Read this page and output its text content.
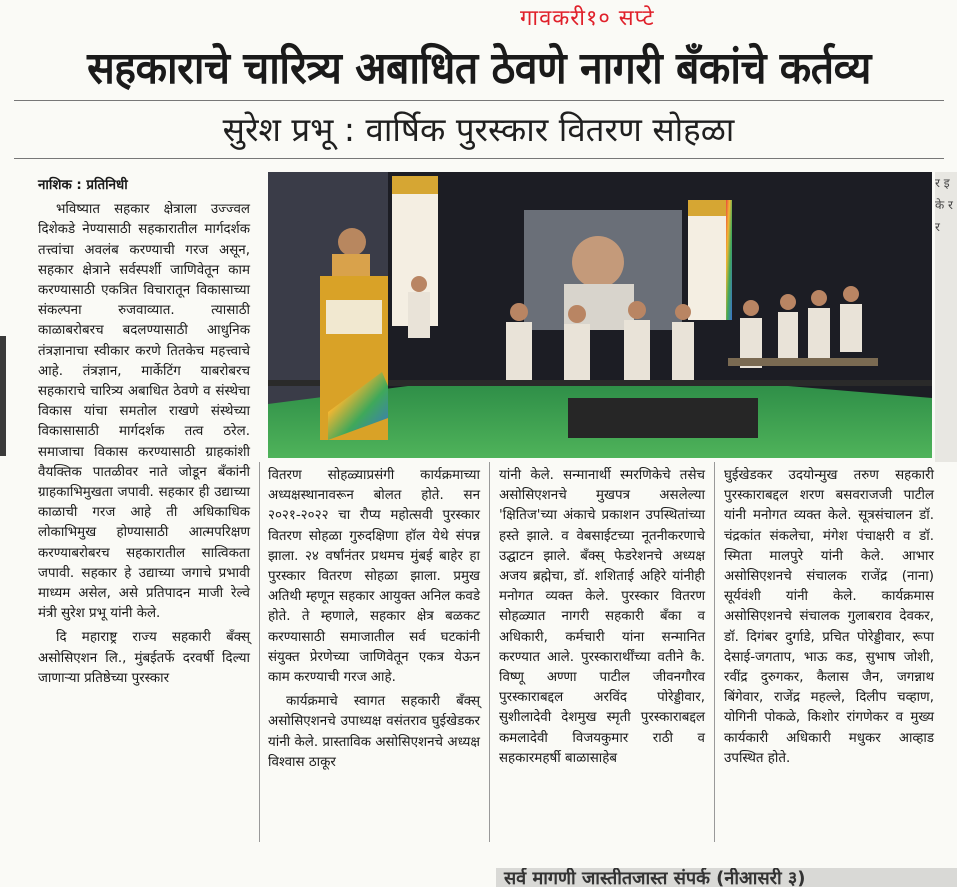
गावकरी१० सप्टे
सहकाराचे चारित्र्य अबाधित ठेवणे नागरी बँकांचे कर्तव्य
सुरेश प्रभू : वार्षिक पुरस्कार वितरण सोहळा
नाशिक : प्रतिनिधी

भविष्यात सहकार क्षेत्राला उज्ज्वल दिशेकडे नेण्यासाठी सहकारातील मार्गदर्शक तत्त्वांचा अवलंब करण्याची गरज असून, सहकार क्षेत्राने सर्वस्पर्शी जाणिवेतून काम करण्यासाठी एकत्रित विचारातून विकासाच्या संकल्पना रुजवाव्यात. त्यासाठी काळाबरोबरच बदलण्यासाठी आधुनिक तंत्रज्ञानाचा स्वीकार करणे तितकेच महत्त्वाचे आहे. तंत्रज्ञान, मार्केटिंग याबरोबरच सहकाराचे चारित्र्य अबाधित ठेवणे व संस्थेचा विकास यांचा समतोल राखणे संस्थेच्या विकासासाठी मार्गदर्शक तत्व ठरेल. समाजाचा विकास करण्यासाठी ग्राहकांशी वैयक्तिक पातळीवर नाते जोडून बँकांनी ग्राहकाभिमुखता जपावी. सहकार ही उद्याच्या काळाची गरज आहे ती अधिकाधिक लोकाभिमुख होण्यासाठी आत्मपरिक्षण करण्याबरोबरच सहकारातील सात्विकता जपावी. सहकार हे उद्याच्या जगाचे प्रभावी माध्यम असेल, असे प्रतिपादन माजी रेल्वे मंत्री सुरेश प्रभू यांनी केले.

दि महाराष्ट्र राज्य सहकारी बँक्स् असोसिएशन लि., मुंबईतर्फे दरवर्षी दिल्या जाणाऱ्या प्रतिष्ठेच्या पुरस्कार

र इ के र र

वितरण सोहळ्याप्रसंगी कार्यक्रमाच्या अध्यक्षस्थानावरून बोलत होते. सन २०२१-२०२२ चा रौप्य महोत्सवी पुरस्कार वितरण सोहळा गुरुदक्षिणा हॉल येथे संपन्न झाला. २४ वर्षांनंतर प्रथमच मुंबई बाहेर हा पुरस्कार वितरण सोहळा झाला. प्रमुख अतिथी म्हणून सहकार आयुक्त अनिल कवडे होते. ते म्हणाले, सहकार क्षेत्र बळकट करण्यासाठी समाजातील सर्व घटकांनी संयुक्त प्रेरणेच्या जाणिवेतून एकत्र येऊन काम करण्याची गरज आहे.

कार्यक्रमाचे स्वागत सहकारी बँक्स् असोसिएशनचे उपाध्यक्ष वसंतराव घुईखेडकर यांनी केले. प्रास्ताविक असोसिएशनचे अध्यक्ष विश्वास ठाकूर

यांनी केले. सन्मानार्थी स्मरणिकेचे तसेच असोसिएशनचे मुखपत्र असलेल्या 'क्षितिज'च्या अंकाचे प्रकाशन उपस्थितांच्या हस्ते झाले. व वेबसाईटच्या नूतनीकरणाचे उद्घाटन झाले. बँक्स् फेडरेशनचे अध्यक्ष अजय ब्रह्मेचा, डॉ. शशिताई अहिरे यांनीही मनोगत व्यक्त केले. पुरस्कार वितरण सोहळ्यात नागरी सहकारी बँका व अधिकारी, कर्मचारी यांना सन्मानित करण्यात आले. पुरस्कारार्थींच्या वतीने कै. विष्णू अण्णा पाटील जीवनगौरव पुरस्काराबद्दल अरविंद पोरेड्डीवार, सुशीलादेवी देशमुख स्मृती पुरस्काराबद्दल कमलादेवी विजयकुमार राठी व सहकारमहर्षी बाळासाहेब

घुईखेडकर उदयोन्मुख तरुण सहकारी पुरस्काराबद्दल शरण बसवराजजी पाटील यांनी मनोगत व्यक्त केले. सूत्रसंचालन डॉ. चंद्रकांत संकलेचा, मंगेश पंचाक्षरी व डॉ. स्मिता मालपुरे यांनी केले. आभार असोसिएशनचे संचालक राजेंद्र (नाना) सूर्यवंशी यांनी केले. कार्यक्रमास असोसिएशनचे संचालक गुलाबराव देवकर, डॉ. दिगंबर दुर्गाडे, प्रचित पोरेड्डीवार, रूपा देसाई-जगताप, भाऊ कड, सुभाष जोशी, रवींद्र दुरुगकर, कैलास जैन, जगन्नाथ बिंगेवार, राजेंद्र महल्ले, दिलीप चव्हाण, योगिनी पोकळे, किशोर रांगणेकर व मुख्य कार्यकारी अधिकारी मधुकर आव्हाड उपस्थित होते.

सर्व मागणी जास्तीतजास्त संपर्क (नीआसरी ३)
